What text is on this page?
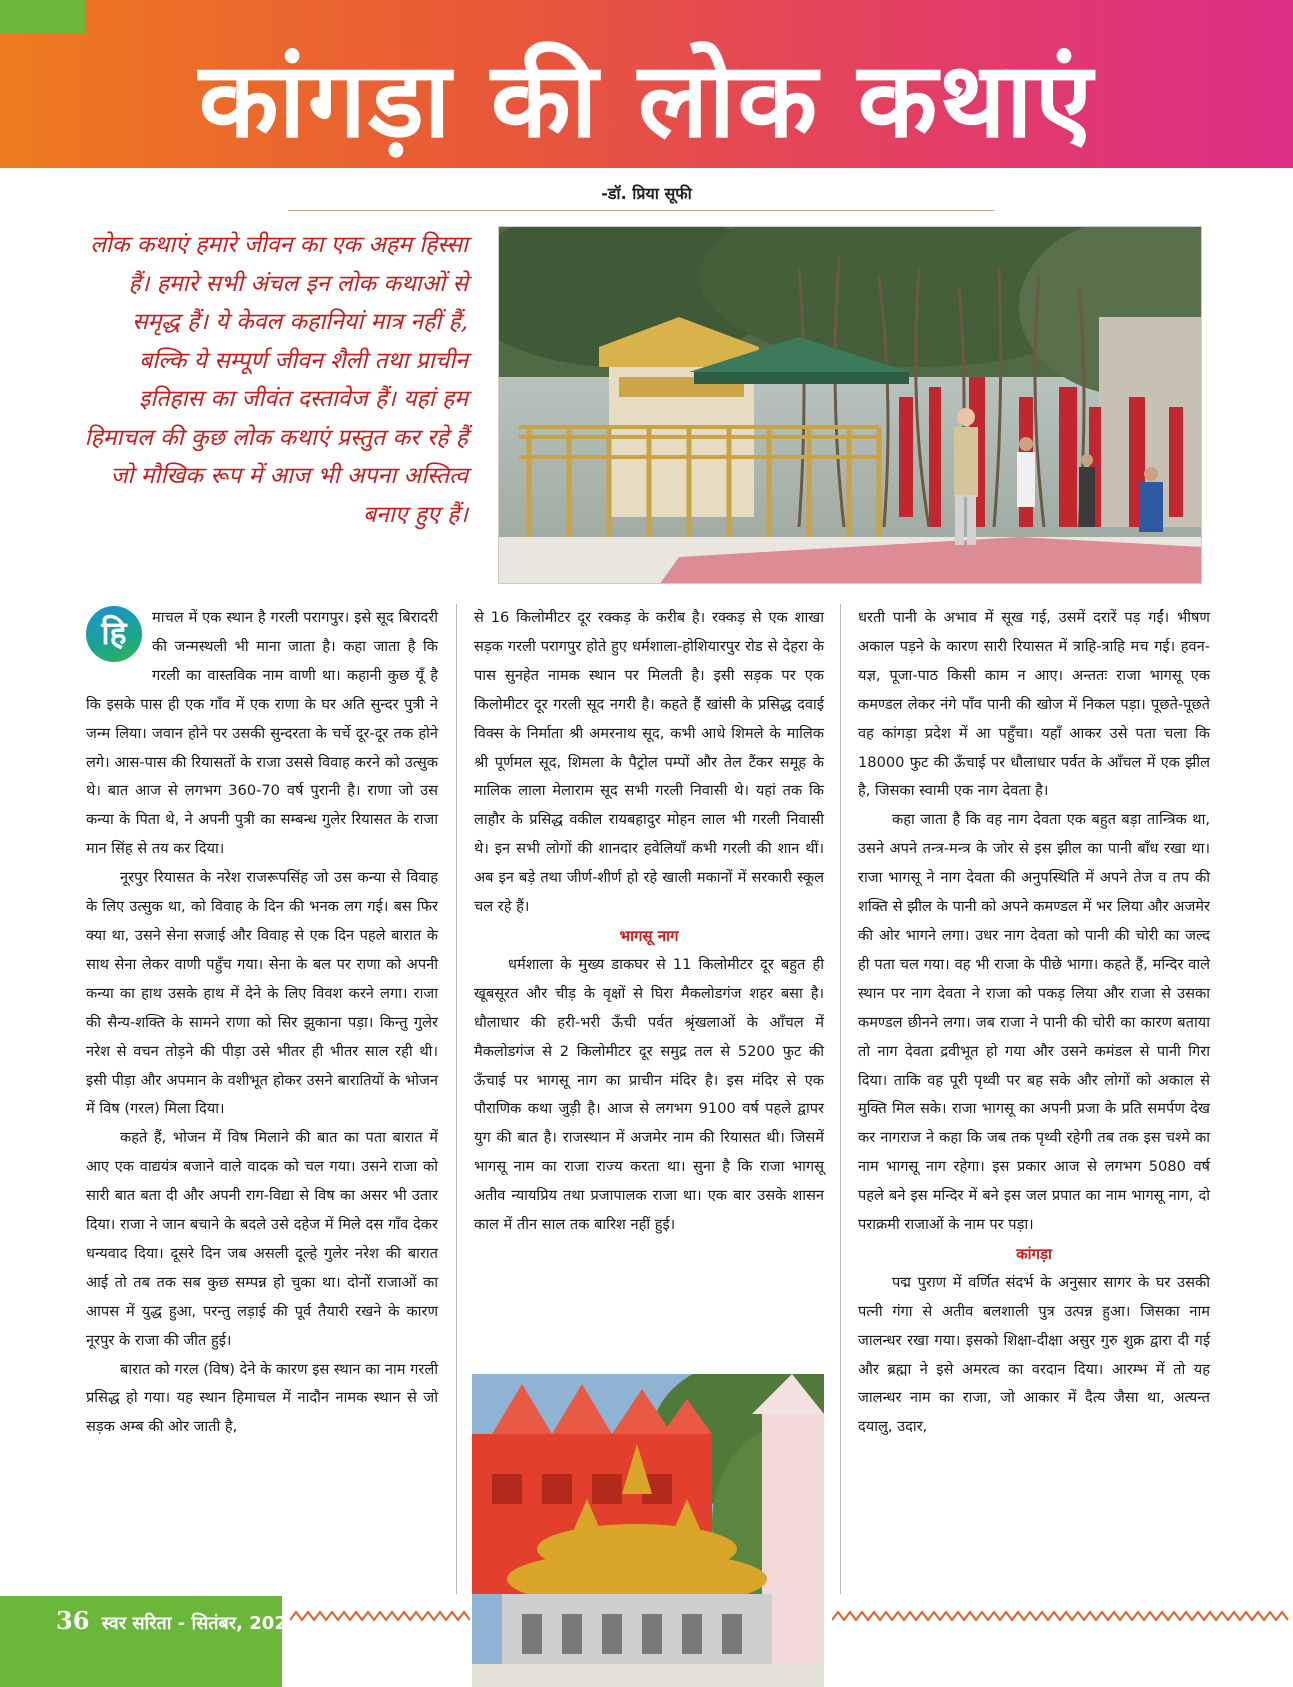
कांगड़ा की लोक कथाएं
-डॉ. प्रिया सूफी
लोक कथाएं हमारे जीवन का एक अहम हिस्सा हैं। हमारे सभी अंचल इन लोक कथाओं से समृद्ध हैं। ये केवल कहानियां मात्र नहीं हैं, बल्कि ये सम्पूर्ण जीवन शैली तथा प्राचीन इतिहास का जीवंत दस्तावेज हैं। यहां हम हिमाचल की कुछ लोक कथाएं प्रस्तुत कर रहे हैं जो मौखिक रूप में आज भी अपना अस्तित्व बनाए हुए हैं।

हि	माचल में एक स्थान है गरली परागपुर। इसे सूद बिरादरी की जन्मस्थली भी माना जाता है। कहा जाता है कि गरली का वास्तविक नाम वाणी था। कहानी कुछ यूँ है कि इसके पास ही एक गाँव में एक राणा के घर अति सुन्दर पुत्री ने जन्म लिया। जवान होने पर उसकी सुन्दरता के चर्चे दूर-दूर तक होने लगे। आस-पास की रियासतों के राजा उससे विवाह करने को उत्सुक थे। बात आज से लगभग 360-70 वर्ष पुरानी है। राणा जो उस कन्या के पिता थे, ने अपनी पुत्री का सम्बन्ध गुलेर रियासत के राजा मान सिंह से तय कर दिया।

नूरपुर रियासत के नरेश राजरूपसिंह जो उस कन्या से विवाह के लिए उत्सुक था, को विवाह के दिन की भनक लग गई। बस फिर क्या था, उसने सेना सजाई और विवाह से एक दिन पहले बारात के साथ सेना लेकर वाणी पहुँच गया। सेना के बल पर राणा को अपनी कन्या का हाथ उसके हाथ में देने के लिए विवश करने लगा। राजा की सैन्य-शक्ति के सामने राणा को सिर झुकाना पड़ा। किन्तु गुलेर नरेश से वचन तोड़ने की पीड़ा उसे भीतर ही भीतर साल रही थी। इसी पीड़ा और अपमान के वशीभूत होकर उसने बारातियों के भोजन में विष (गरल) मिला दिया।

कहते हैं, भोजन में विष मिलाने की बात का पता बारात में आए एक वाद्ययंत्र बजाने वाले वादक को चल गया। उसने राजा को सारी बात बता दी और अपनी राग-विद्या से विष का असर भी उतार दिया। राजा ने जान बचाने के बदले उसे दहेज में मिले दस गाँव देकर धन्यवाद दिया। दूसरे दिन जब असली दूल्हे गुलेर नरेश की बारात आई तो तब तक सब कुछ सम्पन्न हो चुका था। दोनों राजाओं का आपस में युद्ध हुआ, परन्तु लड़ाई की पूर्व तैयारी रखने के कारण नूरपुर के राजा की जीत हुई।

बारात को गरल (विष) देने के कारण इस स्थान का नाम गरली प्रसिद्ध हो गया। यह स्थान हिमाचल में नादौन नामक स्थान से जो सड़क अम्ब की ओर जाती है,

से 16 किलोमीटर दूर रक्कड़ के करीब है। रक्कड़ से एक शाखा सड़क गरली परागपुर होते हुए धर्मशाला-होशियारपुर रोड से देहरा के पास सुनहेत नामक स्थान पर मिलती है। इसी सड़क पर एक किलोमीटर दूर गरली सूद नगरी है। कहते हैं खांसी के प्रसिद्ध दवाई विक्स के निर्माता श्री अमरनाथ सूद, कभी आधे शिमले के मालिक श्री पूर्णमल सूद, शिमला के पैट्रोल पम्पों और तेल टैंकर समूह के मालिक लाला मेलाराम सूद सभी गरली निवासी थे। यहां तक कि लाहौर के प्रसिद्ध वकील रायबहादुर मोहन लाल भी गरली निवासी थे। इन सभी लोगों की शानदार हवेलियाँ कभी गरली की शान थीं। अब इन बड़े तथा जीर्ण-शीर्ण हो रहे खाली मकानों में सरकारी स्कूल चल रहे हैं।

भागसू नाग

धर्मशाला के मुख्य डाकघर से 11 किलोमीटर दूर बहुत ही खूबसूरत और चीड़ के वृक्षों से घिरा मैकलोडगंज शहर बसा है। धौलाधार की हरी-भरी ऊँची पर्वत श्रृंखलाओं के आँचल में मैकलोडगंज से 2 किलोमीटर दूर समुद्र तल से 5200 फुट की ऊँचाई पर भागसू नाग का प्राचीन मंदिर है। इस मंदिर से एक पौराणिक कथा जुड़ी है। आज से लगभग 9100 वर्ष पहले द्वापर युग की बात है। राजस्थान में अजमेर नाम की रियासत थी। जिसमें भागसू नाम का राजा राज्य करता था। सुना है कि राजा भागसू अतीव न्यायप्रिय तथा प्रजापालक राजा था। एक बार उसके शासन काल में तीन साल तक बारिश नहीं हुई।

धरती पानी के अभाव में सूख गई, उसमें दरारें पड़ गईं। भीषण अकाल पड़ने के कारण सारी रियासत में त्राहि-त्राहि मच गई। हवन-यज्ञ, पूजा-पाठ किसी काम न आए। अन्ततः राजा भागसू एक कमण्डल लेकर नंगे पाँव पानी की खोज में निकल पड़ा। पूछते-पूछते वह कांगड़ा प्रदेश में आ पहुँचा। यहाँ आकर उसे पता चला कि 18000 फुट की ऊँचाई पर धौलाधार पर्वत के आँचल में एक झील है, जिसका स्वामी एक नाग देवता है।

कहा जाता है कि वह नाग देवता एक बहुत बड़ा तान्त्रिक था, उसने अपने तन्त्र-मन्त्र के जोर से इस झील का पानी बाँध रखा था। राजा भागसू ने नाग देवता की अनुपस्थिति में अपने तेज व तप की शक्ति से झील के पानी को अपने कमण्डल में भर लिया और अजमेर की ओर भागने लगा। उधर नाग देवता को पानी की चोरी का जल्द ही पता चल गया। वह भी राजा के पीछे भागा। कहते हैं, मन्दिर वाले स्थान पर नाग देवता ने राजा को पकड़ लिया और राजा से उसका कमण्डल छीनने लगा। जब राजा ने पानी की चोरी का कारण बताया तो नाग देवता द्रवीभूत हो गया और उसने कमंडल से पानी गिरा दिया। ताकि वह पूरी पृथ्वी पर बह सके और लोगों को अकाल से मुक्ति मिल सके। राजा भागसू का अपनी प्रजा के प्रति समर्पण देख कर नागराज ने कहा कि जब तक पृथ्वी रहेगी तब तक इस चश्मे का नाम भागसू नाग रहेगा। इस प्रकार आज से लगभग 5080 वर्ष पहले बने इस मन्दिर में बने इस जल प्रपात का नाम भागसू नाग, दो पराक्रमी राजाओं के नाम पर पड़ा।

कांगड़ा

पद्म पुराण में वर्णित संदर्भ के अनुसार सागर के घर उसकी पत्नी गंगा से अतीव बलशाली पुत्र उत्पन्न हुआ। जिसका नाम जालन्धर रखा गया। इसको शिक्षा-दीक्षा असुर गुरु शुक्र द्वारा दी गई और ब्रह्मा ने इसे अमरत्व का वरदान दिया। आरम्भ में तो यह जालन्धर नाम का राजा, जो आकार में दैत्य जैसा था, अत्यन्त दयालु, उदार,

36 स्वर सरिता - सितंबर, 2024
